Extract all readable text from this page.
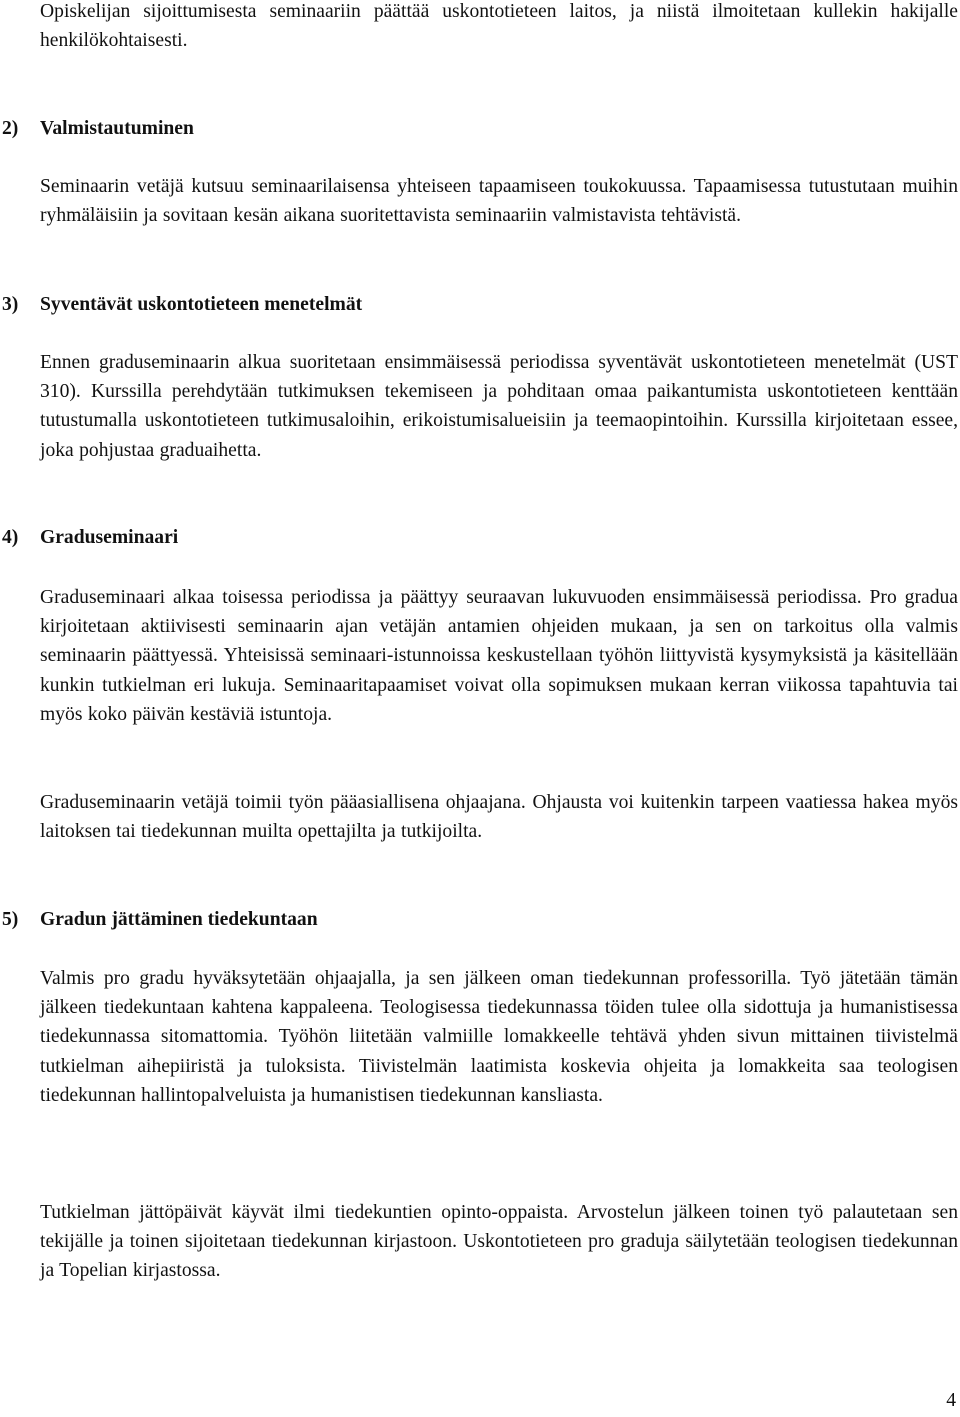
Opiskelijan sijoittumisesta seminaariin päättää uskontotieteen laitos, ja niistä ilmoitetaan kullekin hakijalle henkilökohtaisesti.

2) Valmistautuminen

Seminaarin vetäjä kutsuu seminaarilaisensa yhteiseen tapaamiseen toukokuussa. Tapaamisessa tutustutaan muihin ryhmäläisiin ja sovitaan kesän aikana suoritettavista seminaariin valmistavista tehtävistä.

3) Syventävät uskontotieteen menetelmät

Ennen graduseminaarin alkua suoritetaan ensimmäisessä periodissa syventävät uskontotieteen menetelmät (UST 310). Kurssilla perehdytään tutkimuksen tekemiseen ja pohditaan omaa paikantumista uskontotieteen kenttään tutustumalla uskontotieteen tutkimusaloihin, erikoistumisalueisiin ja teemaopintoihin. Kurssilla kirjoitetaan essee, joka pohjustaa graduaihetta.

4) Graduseminaari

Graduseminaari alkaa toisessa periodissa ja päättyy seuraavan lukuvuoden ensimmäisessä periodissa. Pro gradua kirjoitetaan aktiivisesti seminaarin ajan vetäjän antamien ohjeiden mukaan, ja sen on tarkoitus olla valmis seminaarin päättyessä. Yhteisissä seminaari-istunnoissa keskustellaan työhön liittyvistä kysymyksistä ja käsitellään kunkin tutkielman eri lukuja. Seminaaritapaamiset voivat olla sopimuksen mukaan kerran viikossa tapahtuvia tai myös koko päivän kestäviä istuntoja.

Graduseminaarin vetäjä toimii työn pääasiallisena ohjaajana. Ohjausta voi kuitenkin tarpeen vaatiessa hakea myös laitoksen tai tiedekunnan muilta opettajilta ja tutkijoilta.

5) Gradun jättäminen tiedekuntaan

Valmis pro gradu hyväksytetään ohjaajalla, ja sen jälkeen oman tiedekunnan professorilla. Työ jätetään tämän jälkeen tiedekuntaan kahtena kappaleena. Teologisessa tiedekunnassa töiden tulee olla sidottuja ja humanistisessa tiedekunnassa sitomattomia. Työhön liitetään valmiille lomakkeelle tehtävä yhden sivun mittainen tiivistelmä tutkielman aihepiiristä ja tuloksista. Tiivistelmän laatimista koskevia ohjeita ja lomakkeita saa teologisen tiedekunnan hallintopalveluista ja humanistisen tiedekunnan kansliasta.

Tutkielman jättöpäivät käyvät ilmi tiedekuntien opinto-oppaista. Arvostelun jälkeen toinen työ palautetaan sen tekijälle ja toinen sijoitetaan tiedekunnan kirjastoon. Uskontotieteen pro graduja säilytetään teologisen tiedekunnan ja Topelian kirjastossa.

4
